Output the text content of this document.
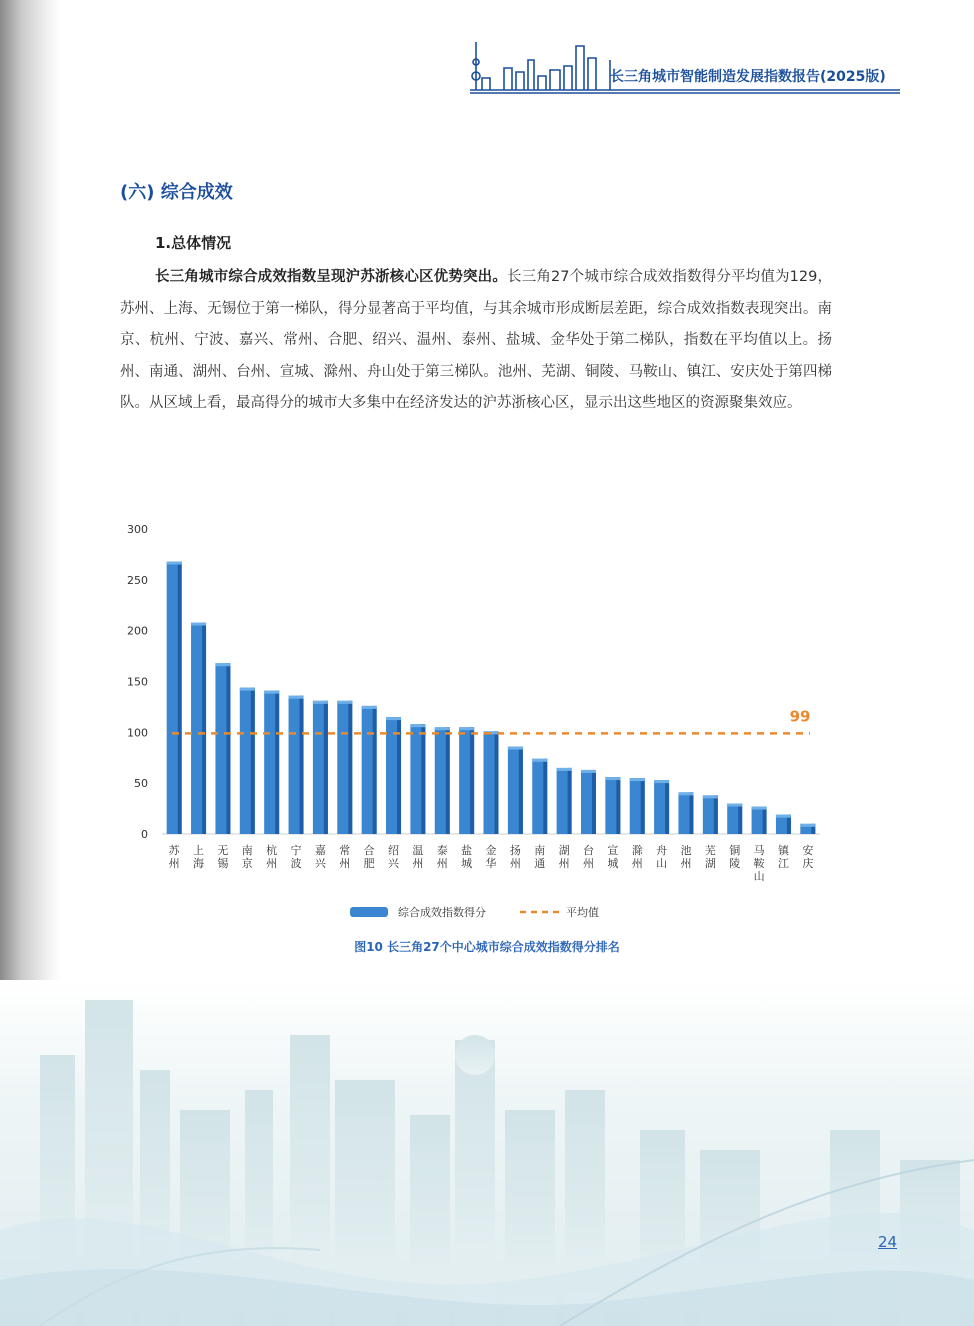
长三角城市智能制造发展指数报告(2025版)
(六) 综合成效
1.总体情况
长三角城市综合成效指数呈现沪苏浙核心区优势突出。长三角27个城市综合成效指数得分平均值为129，苏州、上海、无锡位于第一梯队，得分显著高于平均值，与其余城市形成断层差距，综合成效指数表现突出。南京、杭州、宁波、嘉兴、常州、合肥、绍兴、温州、泰州、盐城、金华处于第二梯队，指数在平均值以上。扬州、南通、湖州、台州、宣城、滁州、舟山处于第三梯队。池州、芜湖、铜陵、马鞍山、镇江、安庆处于第四梯队。从区域上看，最高得分的城市大多集中在经济发达的沪苏浙核心区，显示出这些地区的资源聚集效应。
0
50
100
150
200
250
300
苏
州
上
海
无
锡
南
京
杭
州
宁
波
嘉
兴
常
州
合
肥
绍
兴
温
州
泰
州
盐
城
金
华
扬
州
南
通
湖
州
台
州
宣
城
滁
州
舟
山
池
州
芜
湖
铜
陵
马
鞍
山
镇
江
安
庆
99
综合成效指数得分	平均值
图10 长三角27个中心城市综合成效指数得分排名
24
